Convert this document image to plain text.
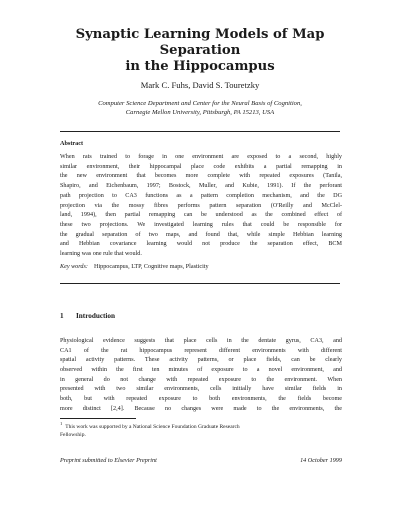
Synaptic Learning Models of Map Separation
in the Hippocampus
Mark C. Fuhs, David S. Touretzky
Computer Science Department and Center for the Neural Basis of Cognition,
Carnegie Mellon University, Pittsburgh, PA 15213, USA
Abstract
When rats trained to forage in one environment are exposed to a second, highly
similar environment, their hippocampal place code exhibits a partial remapping in
the new environment that becomes more complete with repeated exposures (Tanila,
Shapiro, and Eichenbaum, 1997; Bostock, Muller, and Kubie, 1991). If the perforant
path projection to CA3 functions as a pattern completion mechanism, and the DG
projection via the mossy fibres performs pattern separation (O'Reilly and McClel-
land, 1994), then partial remapping can be understood as the combined effect of
these two projections. We investigated learning rules that could be responsible for
the gradual separation of two maps, and found that, while simple Hebbian learning
and Hebbian covariance learning would not produce the separation effect, BCM
learning was one rule that would.
Key words: Hippocampus, LTP, Cognitive maps, Plasticity
1 Introduction
Physiological evidence suggests that place cells in the dentate gyrus, CA3, and
CA1 of the rat hippocampus represent different environments with different
spatial activity patterns. These activity patterns, or place fields, can be clearly
observed within the first ten minutes of exposure to a novel environment, and
in general do not change with repeated exposure to the environment. When
presented with two similar environments, cells initially have similar fields in
both, but with repeated exposure to both environments, the fields become
more distinct [2,4]. Because no changes were made to the environments, the
$^1$This work was supported by a National Science Foundation Graduate Research
Fellowship.
Preprint submitted to Elsevier Preprint	14 October 1999
